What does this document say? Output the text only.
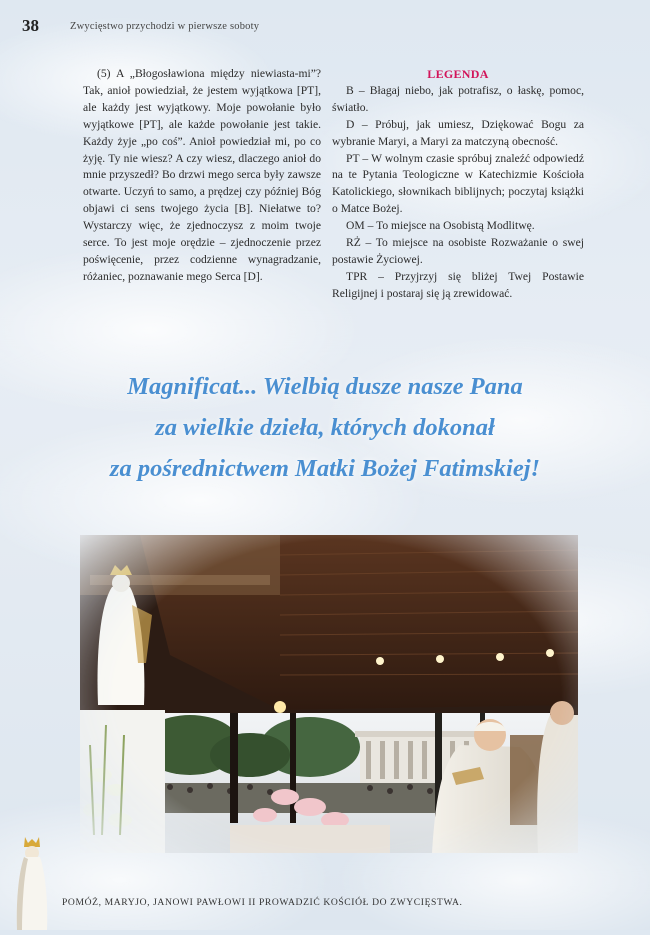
38	Zwycięstwo przychodzi w pierwsze soboty

(5) A „Błogosławiona między niewiasta-mi”? Tak, anioł powiedział, że jestem wyjątkowa [PT], ale każdy jest wyjątkowy. Moje powołanie było wyjątkowe [PT], ale każde powołanie jest takie. Każdy żyje „po coś”. Anioł powiedział mi, po co żyję. Ty nie wiesz? A czy wiesz, dlaczego anioł do mnie przyszedł? Bo drzwi mego serca były zawsze otwarte. Uczyń to samo, a prędzej czy później Bóg objawi ci sens twojego życia [B]. Niełatwe to? Wystarczy więc, że zjednoczysz z moim twoje serce. To jest moje orędzie – zjednoczenie przez poświęcenie, przez codzienne wynagradzanie, różaniec, poznawanie mego Serca [D].

LEGENDA

B – Błagaj niebo, jak potrafisz, o łaskę, pomoc, światło.

D – Próbuj, jak umiesz, Dziękować Bogu za wybranie Maryi, a Maryi za matczyną obecność.

PT – W wolnym czasie spróbuj znaleźć odpowiedź na te Pytania Teologiczne w Katechizmie Kościoła Katolickiego, słownikach biblijnych; poczytaj książki o Matce Bożej.

OM – To miejsce na Osobistą Modlitwę.

RŻ – To miejsce na osobiste Rozważanie o swej postawie Życiowej.

TPR – Przyjrzyj się bliżej Twej Postawie Religijnej i postaraj się ją zrewidować.

Magnificat... Wielbią dusze nasze Pana
za wielkie dzieła, których dokonał
za pośrednictwem Matki Bożej Fatimskiej!
POMÓŻ, MARYJO, JANOWI PAWŁOWI II PROWADZIĆ KOŚCIÓŁ DO ZWYCIĘSTWA.
